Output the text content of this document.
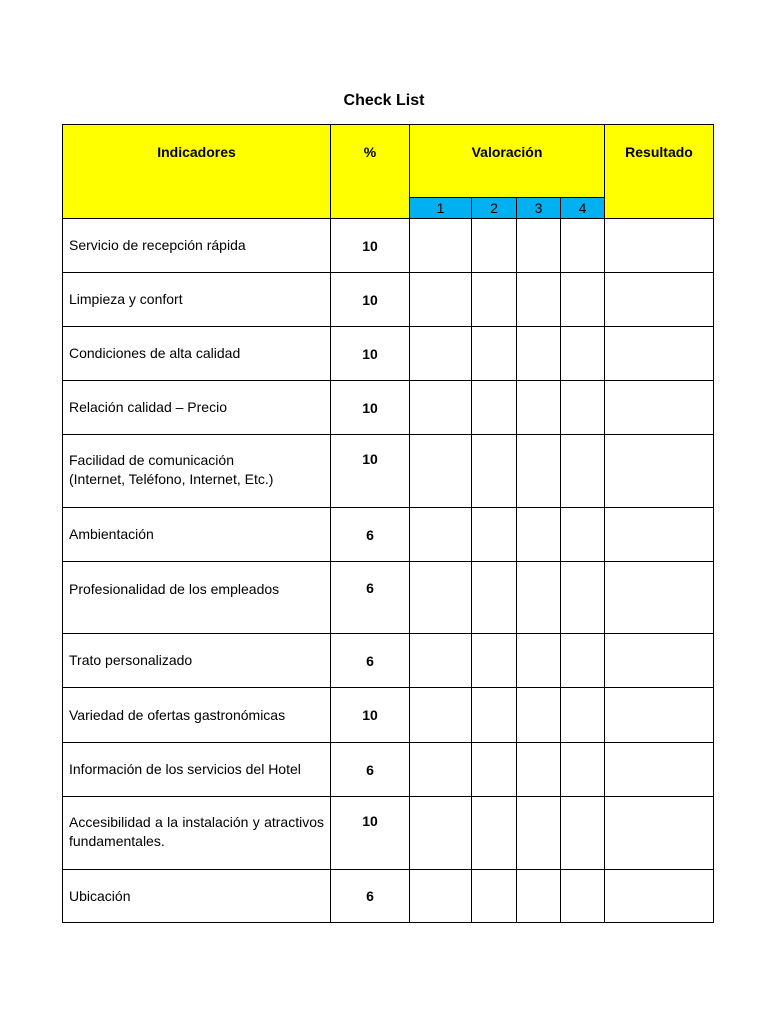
Check List
Indicadores	%	Valoración				Resultado
		1	2	3	4	
Servicio de recepción rápida	10					
Limpieza y confort	10					
Condiciones de alta calidad	10					
Relación calidad – Precio	10					
Facilidad de comunicación
(Internet, Teléfono, Internet, Etc.)	10					
Ambientación	6					
Profesionalidad de los empleados	6					
Trato personalizado	6					
Variedad de ofertas gastronómicas	10					
Información de los servicios del Hotel	6					
Accesibilidad a la instalación y atractivos fundamentales.	10					
Ubicación	6					
